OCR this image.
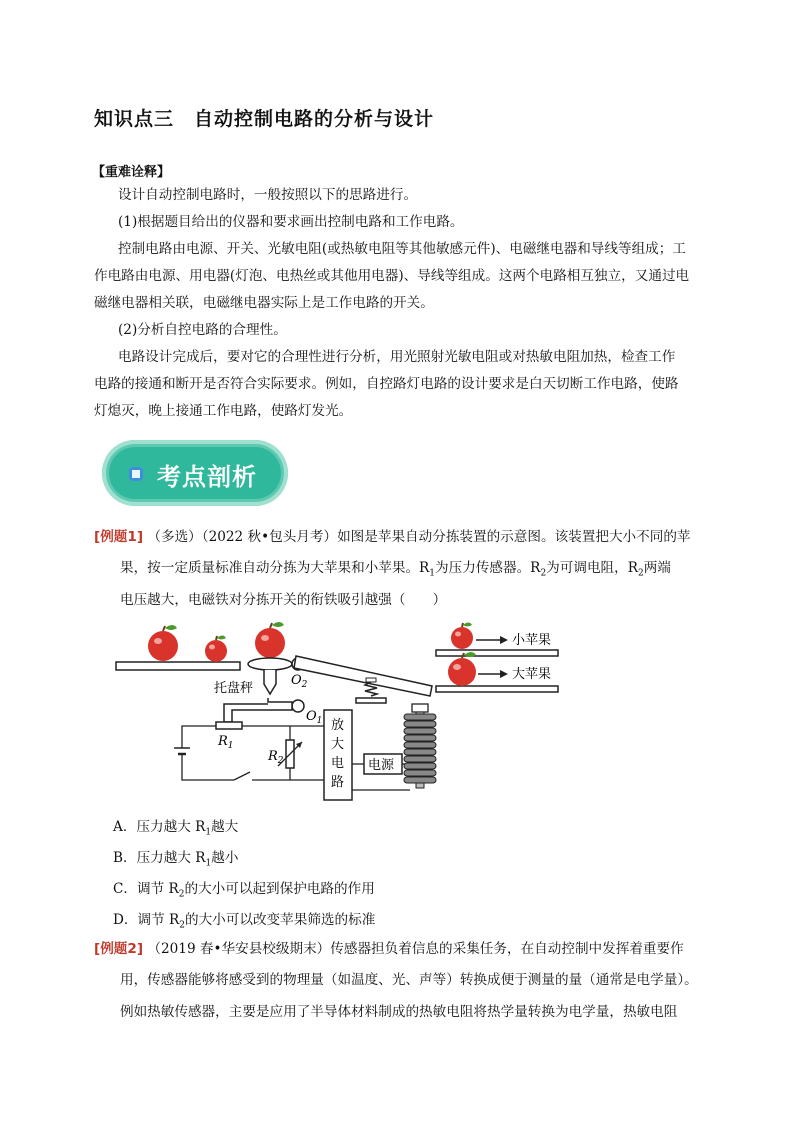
知识点三　自动控制电路的分析与设计
【重难诠释】
设计自动控制电路时，一般按照以下的思路进行。
(1)根据题目给出的仪器和要求画出控制电路和工作电路。
控制电路由电源、开关、光敏电阻(或热敏电阻等其他敏感元件)、电磁继电器和导线等组成；工
作电路由电源、用电器(灯泡、电热丝或其他用电器)、导线等组成。这两个电路相互独立，又通过电
磁继电器相关联，电磁继电器实际上是工作电路的开关。
(2)分析自控电路的合理性。
电路设计完成后，要对它的合理性进行分析，用光照射光敏电阻或对热敏电阻加热，检查工作
电路的接通和断开是否符合实际要求。例如，自控路灯电路的设计要求是白天切断工作电路，使路
灯熄灭，晚上接通工作电路，使路灯发光。
考点剖析
[例题1] （多选）（2022 秋•包头月考）如图是苹果自动分拣装置的示意图。该装置把大小不同的苹
果，按一定质量标准自动分拣为大苹果和小苹果。$R_1$为压力传感器。$R_2$为可调电阻，$R_2$两端
电压越大，电磁铁对分拣开关的衔铁吸引越强（　　）
托盘秤
$O_2$
小苹果
大苹果
$O_1$
$R_1$
$R_2$
放
大
电
路
电源
A．压力越大 $R_1$越大
B．压力越大 $R_1$越小
C．调节 $R_2$的大小可以起到保护电路的作用
D．调节 $R_2$的大小可以改变苹果筛选的标准
[例题2] （2019 春•华安县校级期末）传感器担负着信息的采集任务，在自动控制中发挥着重要作
用，传感器能够将感受到的物理量（如温度、光、声等）转换成便于测量的量（通常是电学量）。
例如热敏传感器，主要是应用了半导体材料制成的热敏电阻将热学量转换为电学量，热敏电阻
